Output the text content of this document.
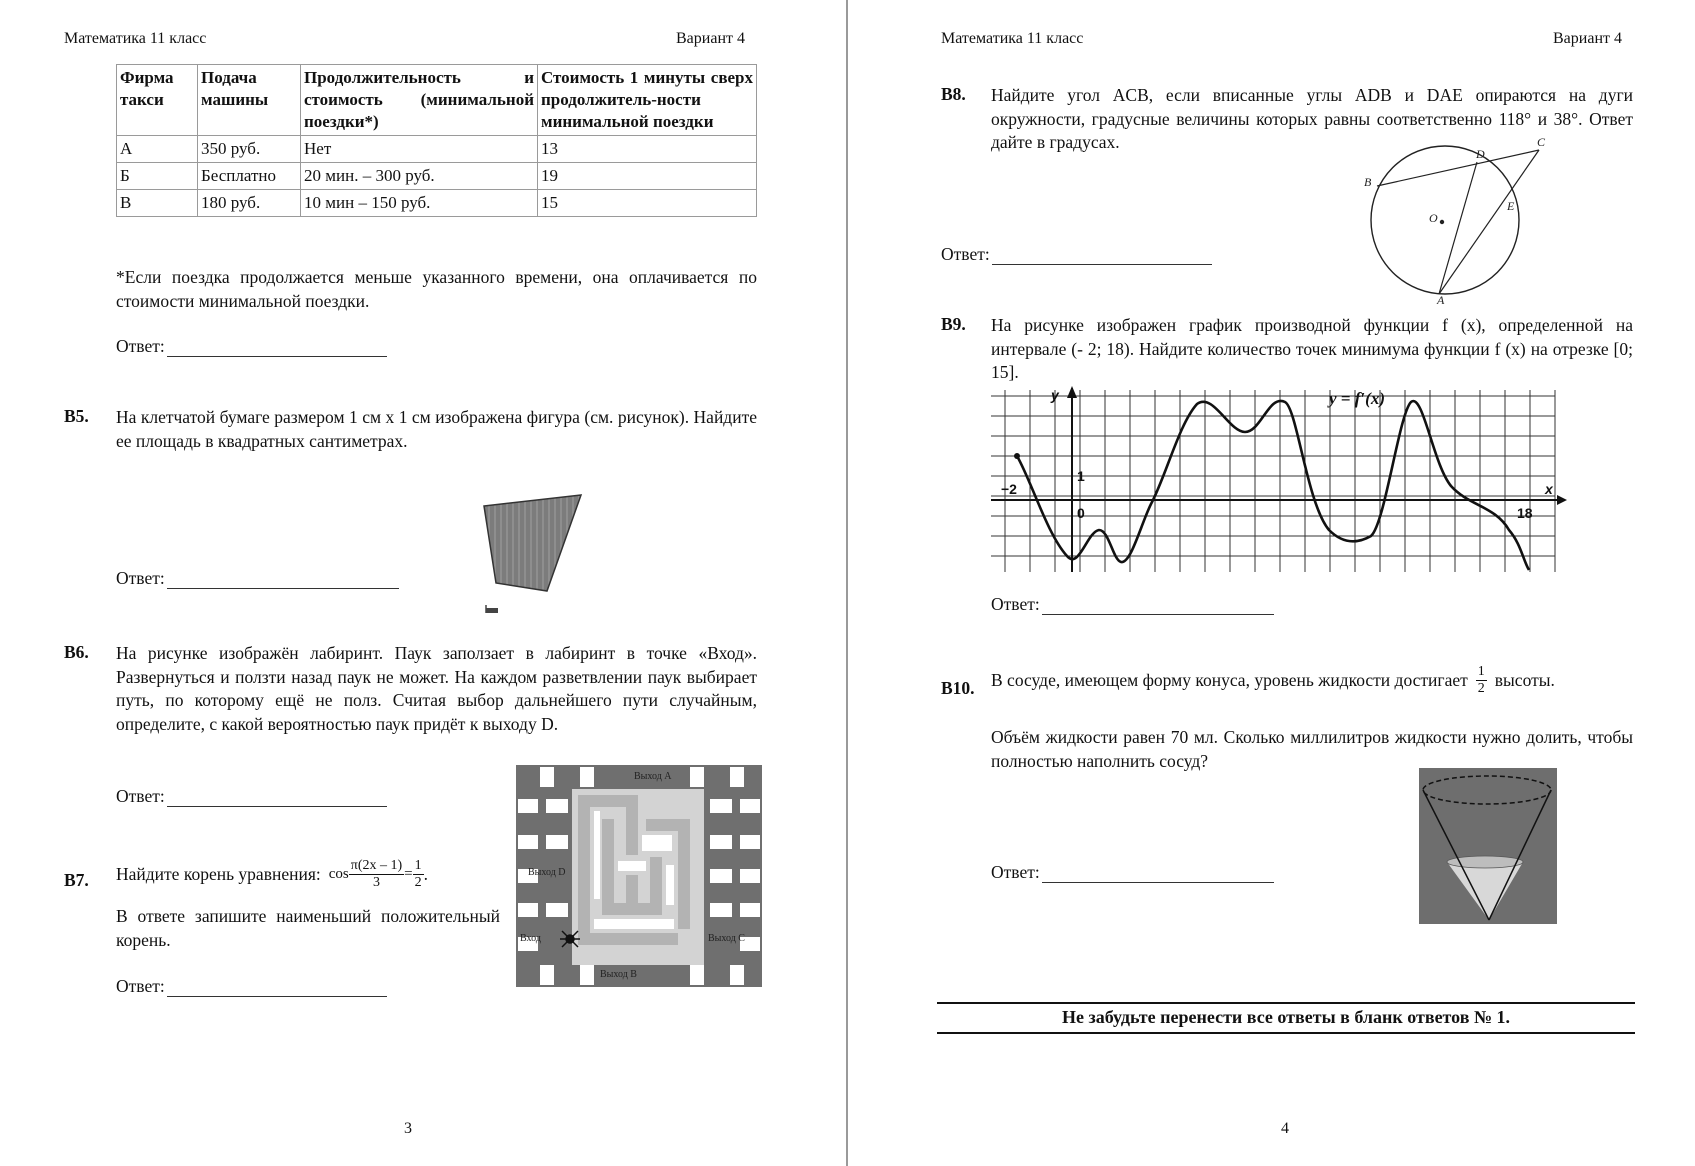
Математика 11 класс	Вариант 4
Фирма такси	Подача машины	Продолжительность и стоимость (минимальной поездки*)	Стоимость 1 минуты сверх продолжитель-ности минимальной поездки
А	350 руб.	Нет	13
Б	Бесплатно	20 мин. – 300 руб.	19
В	180 руб.	10 мин – 150 руб.	15
*Если поездка продолжается меньше указанного времени, она оплачивается по стоимости минимальной поездки.
Ответ:
B5. На клетчатой бумаге размером 1 см х 1 см изображена фигура (см. рисунок). Найдите ее площадь в квадратных сантиметрах.
Ответ:
B6. На рисунке изображён лабиринт. Паук заползает в лабиринт в точке «Вход». Развернуться и ползти назад паук не может. На каждом разветвлении паук выбирает путь, по которому ещё не полз. Считая выбор дальнейшего пути случайным, определите, с какой вероятностью паук придёт к выходу D.
Ответ:
Выход А
Выход D
Вход	Выход С
Выход В
B7. Найдите корень уравнения: $\cos \frac{\pi(2x - 1)}{3} = \frac{1}{2}$ .
В ответе запишите наименьший положительный корень.
Ответ:
3
Математика 11 класс	Вариант 4
B8. Найдите угол ACB, если вписанные углы ADB и DAE опираются на дуги окружности, градусные величины которых равны соответственно 118° и 38°. Ответ дайте в градусах.
Ответ:
A
B
C
D
E
O
B9. На рисунке изображен график производной функции f (x), определенной на интервале (- 2; 18). Найдите количество точек минимума функции f (x) на отрезке [0; 15].
y	y = f′(x)
1
−2
0
x
18
Ответ:
B10. В сосуде, имеющем форму конуса, уровень жидкости достигает $\frac{1}{2}$ высоты.
Объём жидкости равен 70 мл. Сколько миллилитров жидкости нужно долить, чтобы полностью наполнить сосуд?
Ответ:
Не забудьте перенести все ответы в бланк ответов № 1.
4
